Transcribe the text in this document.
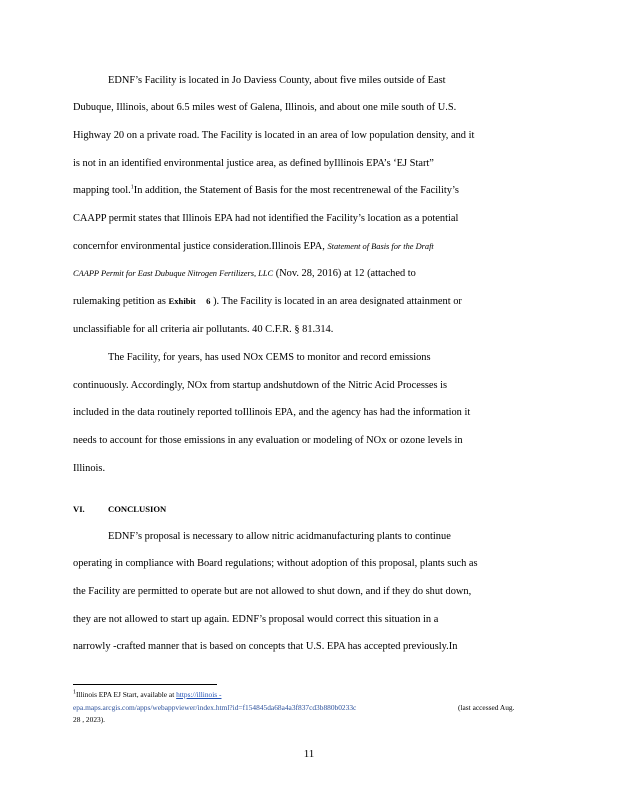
EDNF’s Facility is located in Jo Daviess County, about five miles outside of East
Dubuque, Illinois, about 6.5 miles west of Galena, Illinois, and about one mile south of U.S.
Highway 20 on a private road. The Facility is located in an area of low population density, and it
is not in an identified environmental justice area, as defined byIllinois EPA’s ‘EJ Start”
mapping tool.$^1$In addition, the Statement of Basis for the most recentrenewal of the Facility’s
CAAPP permit states that Illinois EPA had not identified the Facility’s location as a potential
concernfor environmental justice consideration.Illinois EPA, Statement of Basis for the Draft
CAAPP Permit for East Dubuque Nitrogen Fertilizers, LLC (Nov. 28, 2016) at 12 (attached to
rulemaking petition as Exhibit 6 ). The Facility is located in an area designated attainment or
unclassifiable for all criteria air pollutants. 40 C.F.R. § 81.314.
The Facility, for years, has used NOx CEMS to monitor and record emissions
continuously. Accordingly, NOx from startup andshutdown of the Nitric Acid Processes is
included in the data routinely reported toIllinois EPA, and the agency has had the information it
needs to account for those emissions in any evaluation or modeling of NOx or ozone levels in
Illinois.
VI.	CONCLUSION
EDNF’s proposal is necessary to allow nitric acidmanufacturing plants to continue
operating in compliance with Board regulations; without adoption of this proposal, plants such as
the Facility are permitted to operate but are not allowed to shut down, and if they do shut down,
they are not allowed to start up again. EDNF’s proposal would correct this situation in a
narrowly -crafted manner that is based on concepts that U.S. EPA has accepted previously.In
$^1$Illinois EPA EJ Start, available at https://illinois -
epa.maps.arcgis.com/apps/webappviewer/index.html?id=f154845da68a4a3f837cd3b880b0233c	(last accessed Aug.
28 , 2023).
11
